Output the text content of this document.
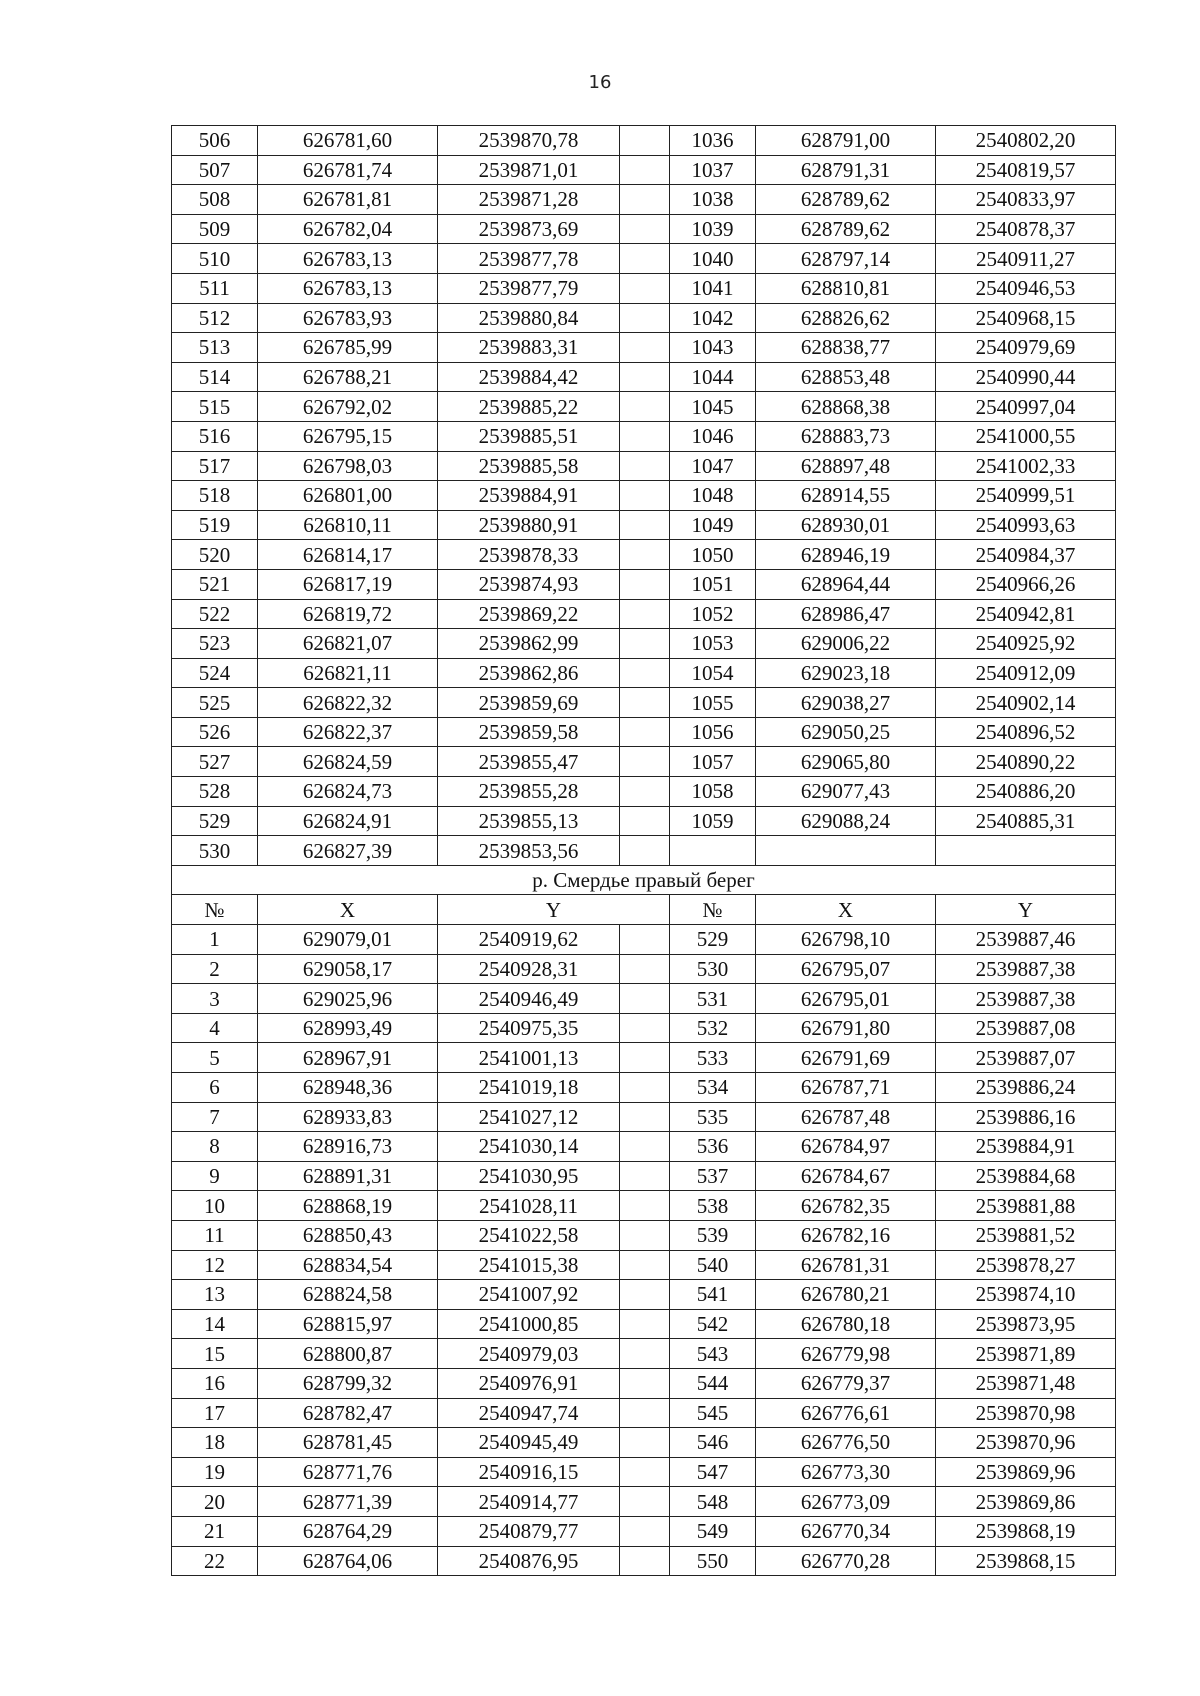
16
506	626781,60	2539870,78		1036	628791,00	2540802,20
507	626781,74	2539871,01		1037	628791,31	2540819,57
508	626781,81	2539871,28		1038	628789,62	2540833,97
509	626782,04	2539873,69		1039	628789,62	2540878,37
510	626783,13	2539877,78		1040	628797,14	2540911,27
511	626783,13	2539877,79		1041	628810,81	2540946,53
512	626783,93	2539880,84		1042	628826,62	2540968,15
513	626785,99	2539883,31		1043	628838,77	2540979,69
514	626788,21	2539884,42		1044	628853,48	2540990,44
515	626792,02	2539885,22		1045	628868,38	2540997,04
516	626795,15	2539885,51		1046	628883,73	2541000,55
517	626798,03	2539885,58		1047	628897,48	2541002,33
518	626801,00	2539884,91		1048	628914,55	2540999,51
519	626810,11	2539880,91		1049	628930,01	2540993,63
520	626814,17	2539878,33		1050	628946,19	2540984,37
521	626817,19	2539874,93		1051	628964,44	2540966,26
522	626819,72	2539869,22		1052	628986,47	2540942,81
523	626821,07	2539862,99		1053	629006,22	2540925,92
524	626821,11	2539862,86		1054	629023,18	2540912,09
525	626822,32	2539859,69		1055	629038,27	2540902,14
526	626822,37	2539859,58		1056	629050,25	2540896,52
527	626824,59	2539855,47		1057	629065,80	2540890,22
528	626824,73	2539855,28		1058	629077,43	2540886,20
529	626824,91	2539855,13		1059	629088,24	2540885,31
530	626827,39	2539853,56				
р. Смердье правый берег						
№	X	Y		№	X	Y
1	629079,01	2540919,62		529	626798,10	2539887,46
2	629058,17	2540928,31		530	626795,07	2539887,38
3	629025,96	2540946,49		531	626795,01	2539887,38
4	628993,49	2540975,35		532	626791,80	2539887,08
5	628967,91	2541001,13		533	626791,69	2539887,07
6	628948,36	2541019,18		534	626787,71	2539886,24
7	628933,83	2541027,12		535	626787,48	2539886,16
8	628916,73	2541030,14		536	626784,97	2539884,91
9	628891,31	2541030,95		537	626784,67	2539884,68
10	628868,19	2541028,11		538	626782,35	2539881,88
11	628850,43	2541022,58		539	626782,16	2539881,52
12	628834,54	2541015,38		540	626781,31	2539878,27
13	628824,58	2541007,92		541	626780,21	2539874,10
14	628815,97	2541000,85		542	626780,18	2539873,95
15	628800,87	2540979,03		543	626779,98	2539871,89
16	628799,32	2540976,91		544	626779,37	2539871,48
17	628782,47	2540947,74		545	626776,61	2539870,98
18	628781,45	2540945,49		546	626776,50	2539870,96
19	628771,76	2540916,15		547	626773,30	2539869,96
20	628771,39	2540914,77		548	626773,09	2539869,86
21	628764,29	2540879,77		549	626770,34	2539868,19
22	628764,06	2540876,95		550	626770,28	2539868,15
